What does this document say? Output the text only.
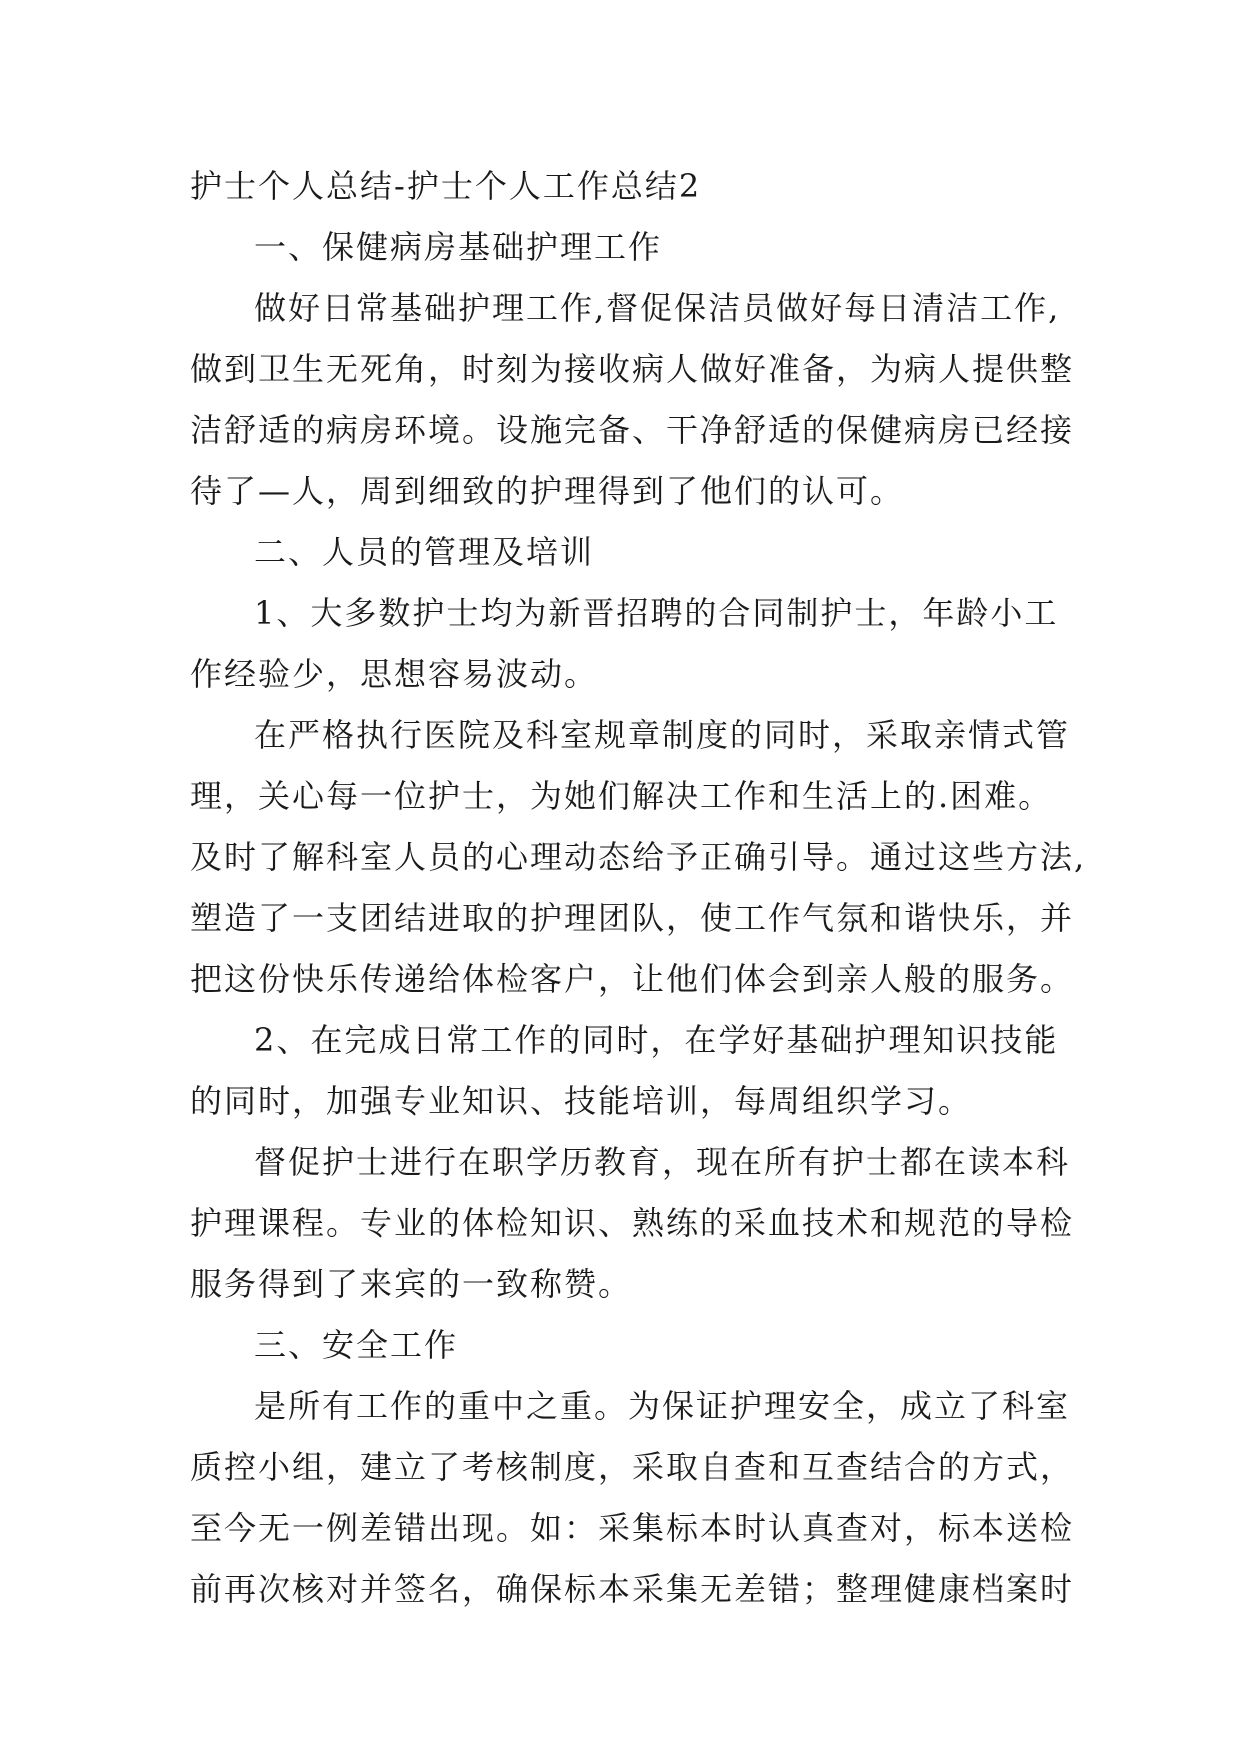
护士个人总结-护士个人工作总结2
一、保健病房基础护理工作
做好日常基础护理工作,督促保洁员做好每日清洁工作,
做到卫生无死角，时刻为接收病人做好准备，为病人提供整
洁舒适的病房环境。设施完备、干净舒适的保健病房已经接
待了—人，周到细致的护理得到了他们的认可。
二、人员的管理及培训
1、大多数护士均为新晋招聘的合同制护士，年龄小工
作经验少，思想容易波动。
在严格执行医院及科室规章制度的同时，采取亲情式管
理，关心每一位护士，为她们解决工作和生活上的.困难。
及时了解科室人员的心理动态给予正确引导。通过这些方法,
塑造了一支团结进取的护理团队，使工作气氛和谐快乐，并
把这份快乐传递给体检客户，让他们体会到亲人般的服务。
2、在完成日常工作的同时，在学好基础护理知识技能
的同时，加强专业知识、技能培训，每周组织学习。
督促护士进行在职学历教育，现在所有护士都在读本科
护理课程。专业的体检知识、熟练的采血技术和规范的导检
服务得到了来宾的一致称赞。
三、安全工作
是所有工作的重中之重。为保证护理安全，成立了科室
质控小组，建立了考核制度，采取自查和互查结合的方式，
至今无一例差错出现。如：采集标本时认真查对，标本送检
前再次核对并签名，确保标本采集无差错；整理健康档案时
